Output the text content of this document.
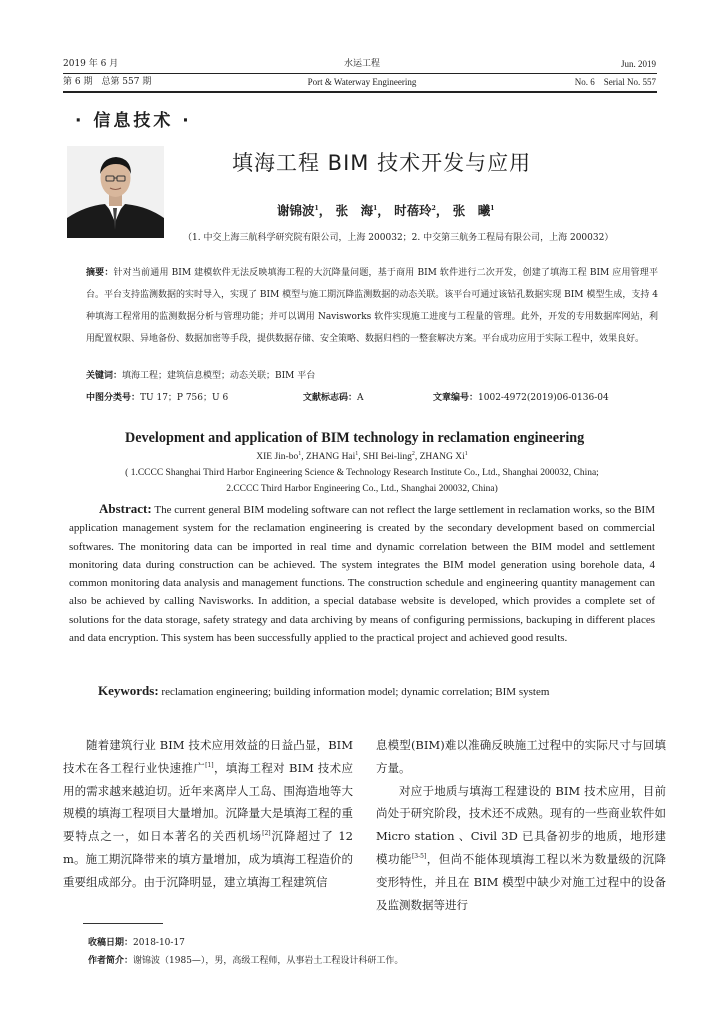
2019 年 6 月
第 6 期　总第 557 期
水运工程
Port & Waterway Engineering
Jun. 2019
No. 6　Serial No. 557
· 信息技术 ·
填海工程 BIM 技术开发与应用
谢锦波$^1$， 张　海$^1$， 时蓓玲$^2$， 张　曦$^1$
（1. 中交上海三航科学研究院有限公司，上海 200032；2. 中交第三航务工程局有限公司，上海 200032）
摘要：针对当前通用 BIM 建模软件无法反映填海工程的大沉降量问题，基于商用 BIM 软件进行二次开发，创建了填海工程 BIM 应用管理平台。平台支持监测数据的实时导入，实现了 BIM 模型与施工期沉降监测数据的动态关联。该平台可通过该钻孔数据实现 BIM 模型生成，支持 4 种填海工程常用的监测数据分析与管理功能；并可以调用 Navisworks 软件实现施工进度与工程量的管理。此外，开发的专用数据库网站，利用配置权限、异地备份、数据加密等手段，提供数据存储、安全策略、数据归档的一整套解决方案。平台成功应用于实际工程中，效果良好。
关键词：填海工程；建筑信息模型；动态关联；BIM 平台
中图分类号：TU 17；P 756；U 6	文献标志码：A	文章编号：1002-4972(2019)06-0136-04
Development and application of BIM technology in reclamation engineering
XIE Jin-$bo^1$, ZHANG Hai$^1$, SHI Bei-ling$^2$, ZHANG Xi$^1$
( 1.CCCC Shanghai Third Harbor Engineering Science & Technology Research Institute Co., Ltd., Shanghai 200032, China;
2.CCCC Third Harbor Engineering Co., Ltd., Shanghai 200032, China)
Abstract: The current general BIM modeling software can not reflect the large settlement in reclamation works, so the BIM application management system for the reclamation engineering is created by the secondary development based on commercial softwares. The monitoring data can be imported in real time and dynamic correlation between the BIM model and settlement monitoring data during construction can be achieved. The system integrates the BIM model generation using borehole data, 4 common monitoring data analysis and management functions. The construction schedule and engineering quantity management can also be achieved by calling Navisworks. In addition, a special database website is developed, which provides a complete set of solutions for the data storage, safety strategy and data archiving by means of configuring permissions, backuping in different places and data encryption. This system has been successfully applied to the practical project and achieved good results.
Keywords: reclamation engineering; building information model; dynamic correlation; BIM system

随着建筑行业 BIM 技术应用效益的日益凸显，BIM 技术在各工程行业快速推广[1]，填海工程对 BIM 技术应用的需求越来越迫切。近年来离岸人工岛、围海造地等大规模的填海工程项目大量增加。沉降量大是填海工程的重要特点之一，如日本著名的关西机场[2]沉降超过了 12 m。施工期沉降带来的填方量增加，成为填海工程造价的重要组成部分。由于沉降明显，建立填海工程建筑信

息模型(BIM)难以准确反映施工过程中的实际尺寸与回填方量。

对应于地质与填海工程建设的 BIM 技术应用，目前尚处于研究阶段，技术还不成熟。现有的一些商业软件如 Micro station 、Civil 3D 已具备初步的地质，地形建模功能[3-5]，但尚不能体现填海工程以米为数量级的沉降变形特性，并且在 BIM 模型中缺少对施工过程中的设备及监测数据等进行

收稿日期：2018-10-17
作者简介：谢锦波（1985—），男，高级工程师，从事岩土工程设计科研工作。
